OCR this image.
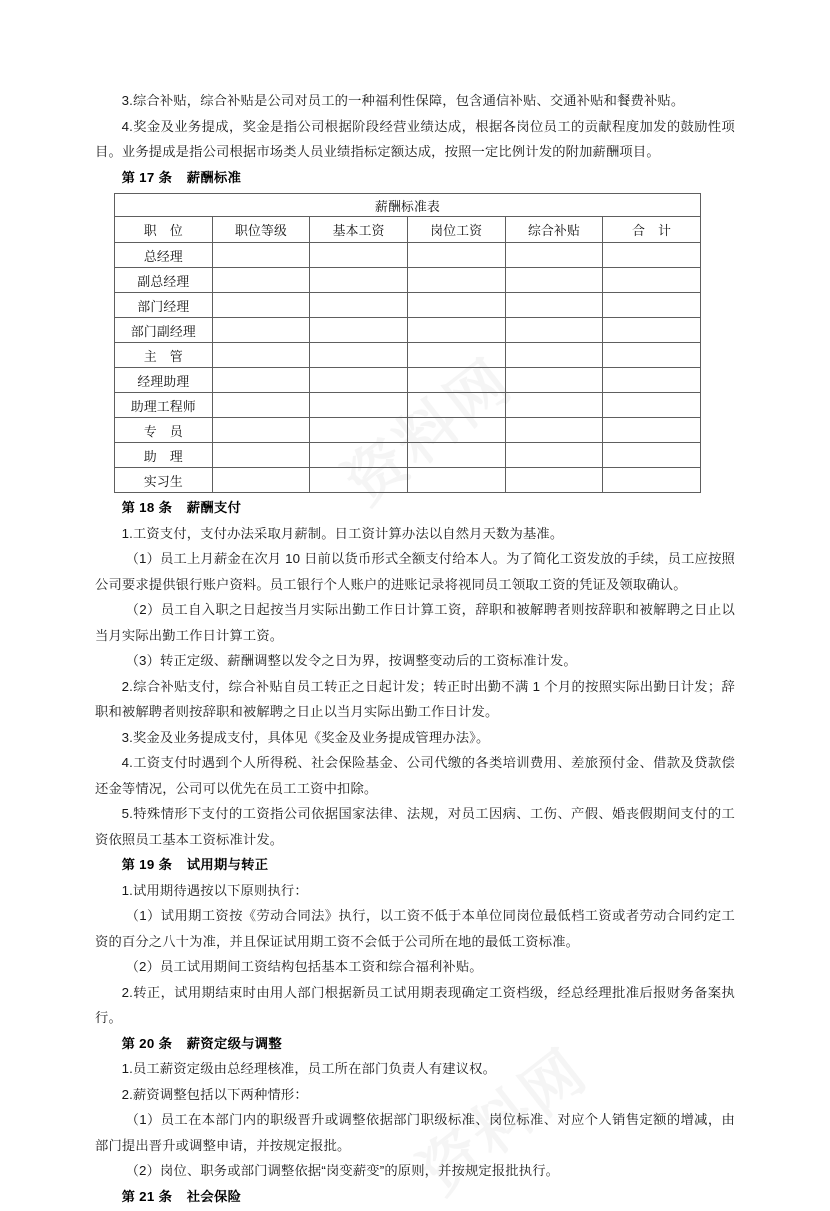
3.综合补贴，综合补贴是公司对员工的一种福利性保障，包含通信补贴、交通补贴和餐费补贴。

4.奖金及业务提成，奖金是指公司根据阶段经营业绩达成，根据各岗位员工的贡献程度加发的鼓励性项目。业务提成是指公司根据市场类人员业绩指标定额达成，按照一定比例计发的附加薪酬项目。

第 17 条 薪酬标准

薪酬标准表					
职　位	职位等级	基本工资	岗位工资	综合补贴	合　计
总经理					
副总经理					
部门经理					
部门副经理					
主　管					
经理助理					
助理工程师					
专　员					
助　理					
实习生					

第 18 条 薪酬支付

1.工资支付，支付办法采取月薪制。日工资计算办法以自然月天数为基准。

（1）员工上月薪金在次月 10 日前以货币形式全额支付给本人。为了简化工资发放的手续，员工应按照公司要求提供银行账户资料。员工银行个人账户的进账记录将视同员工领取工资的凭证及领取确认。

（2）员工自入职之日起按当月实际出勤工作日计算工资，辞职和被解聘者则按辞职和被解聘之日止以当月实际出勤工作日计算工资。

（3）转正定级、薪酬调整以发令之日为界，按调整变动后的工资标准计发。

2.综合补贴支付，综合补贴自员工转正之日起计发；转正时出勤不满 1 个月的按照实际出勤日计发；辞职和被解聘者则按辞职和被解聘之日止以当月实际出勤工作日计发。

3.奖金及业务提成支付，具体见《奖金及业务提成管理办法》。

4.工资支付时遇到个人所得税、社会保险基金、公司代缴的各类培训费用、差旅预付金、借款及贷款偿还金等情况，公司可以优先在员工工资中扣除。

5.特殊情形下支付的工资指公司依据国家法律、法规，对员工因病、工伤、产假、婚丧假期间支付的工资依照员工基本工资标准计发。

第 19 条 试用期与转正

1.试用期待遇按以下原则执行：

（1）试用期工资按《劳动合同法》执行，以工资不低于本单位同岗位最低档工资或者劳动合同约定工资的百分之八十为准，并且保证试用期工资不会低于公司所在地的最低工资标准。

（2）员工试用期间工资结构包括基本工资和综合福利补贴。

2.转正，试用期结束时由用人部门根据新员工试用期表现确定工资档级，经总经理批准后报财务备案执行。

第 20 条 薪资定级与调整

1.员工薪资定级由总经理核准，员工所在部门负责人有建议权。

2.薪资调整包括以下两种情形：

（1）员工在本部门内的职级晋升或调整依据部门职级标准、岗位标准、对应个人销售定额的增减，由部门提出晋升或调整申请，并按规定报批。

（2）岗位、职务或部门调整依据“岗变薪变”的原则，并按规定报批执行。

第 21 条 社会保险
